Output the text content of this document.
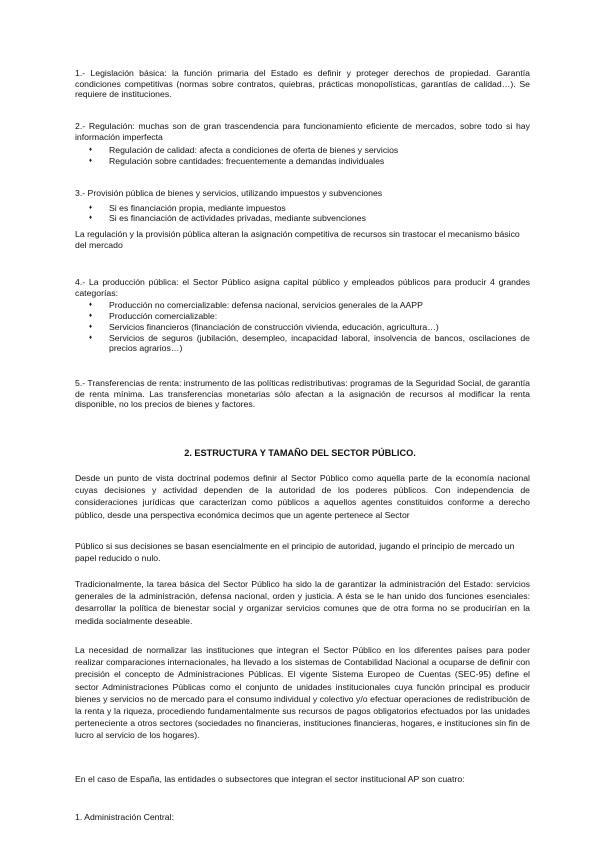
1.- Legislación básica: la función primaria del Estado es definir y proteger derechos de propiedad. Garantía condiciones competitivas (normas sobre contratos, quiebras, prácticas monopolísticas, garantías de calidad…). Se requiere de instituciones.
2.- Regulación: muchas son de gran trascendencia para funcionamiento eficiente de mercados, sobre todo si hay información imperfecta
♦ Regulación de calidad: afecta a condiciones de oferta de bienes y servicios
♦ Regulación sobre cantidades: frecuentemente a demandas individuales
3.- Provisión pública de bienes y servicios, utilizando impuestos y subvenciones
♦ Si es financiación propia, mediante impuestos
♦ Si es financiación de actividades privadas, mediante subvenciones
La regulación y la provisión pública alteran la asignación competitiva de recursos sin trastocar el mecanismo básico del mercado
4.- La producción pública: el Sector Público asigna capital público y empleados públicos para producir 4 grandes categorías:
♦ Producción no comercializable: defensa nacional, servicios generales de la AAPP
♦ Producción comercializable:
♦ Servicios financieros (financiación de construcción vivienda, educación, agricultura…)
♦ Servicios de seguros (jubilación, desempleo, incapacidad laboral, insolvencia de bancos, oscilaciones de precios agrarios…)
5.- Transferencias de renta: instrumento de las políticas redistributivas: programas de la Seguridad Social, de garantía de renta mínima. Las transferencias monetarias sólo afectan a la asignación de recursos al modificar la renta disponible, no los precios de bienes y factores.
2. ESTRUCTURA Y TAMAÑO DEL SECTOR PÚBLICO.
Desde un punto de vista doctrinal podemos definir al Sector Público como aquella parte de la economía nacional cuyas decisiones y actividad dependen de la autoridad de los poderes públicos. Con independencia de consideraciones jurídicas que caracterizan como públicos a aquellos agentes constituidos conforme a derecho público, desde una perspectiva económica decimos que un agente pertenece al Sector
Público si sus decisiones se basan esencialmente en el principio de autoridad, jugando el principio de mercado un papel reducido o nulo.
Tradicionalmente, la tarea básica del Sector Público ha sido la de garantizar la administración del Estado: servicios generales de la administración, defensa nacional, orden y justicia. A ésta se le han unido dos funciones esenciales: desarrollar la política de bienestar social y organizar servicios comunes que de otra forma no se producirían en la medida socialmente deseable.
La necesidad de normalizar las instituciones que integran el Sector Público en los diferentes países para poder realizar comparaciones internacionales, ha llevado a los sistemas de Contabilidad Nacional a ocuparse de definir con precisión el concepto de Administraciones Públicas. El vigente Sistema Europeo de Cuentas (SEC-95) define el sector Administraciones Públicas como el conjunto de unidades institucionales cuya función principal es producir bienes y servicios no de mercado para el consumo individual y colectivo y/o efectuar operaciones de redistribución de la renta y la riqueza, procediendo fundamentalmente sus recursos de pagos obligatorios efectuados por las unidades perteneciente a otros sectores (sociedades no financieras, instituciones financieras, hogares, e instituciones sin fin de lucro al servicio de los hogares).
En el caso de España, las entidades o subsectores que integran el sector institucional AP son cuatro:
1. Administración Central:
